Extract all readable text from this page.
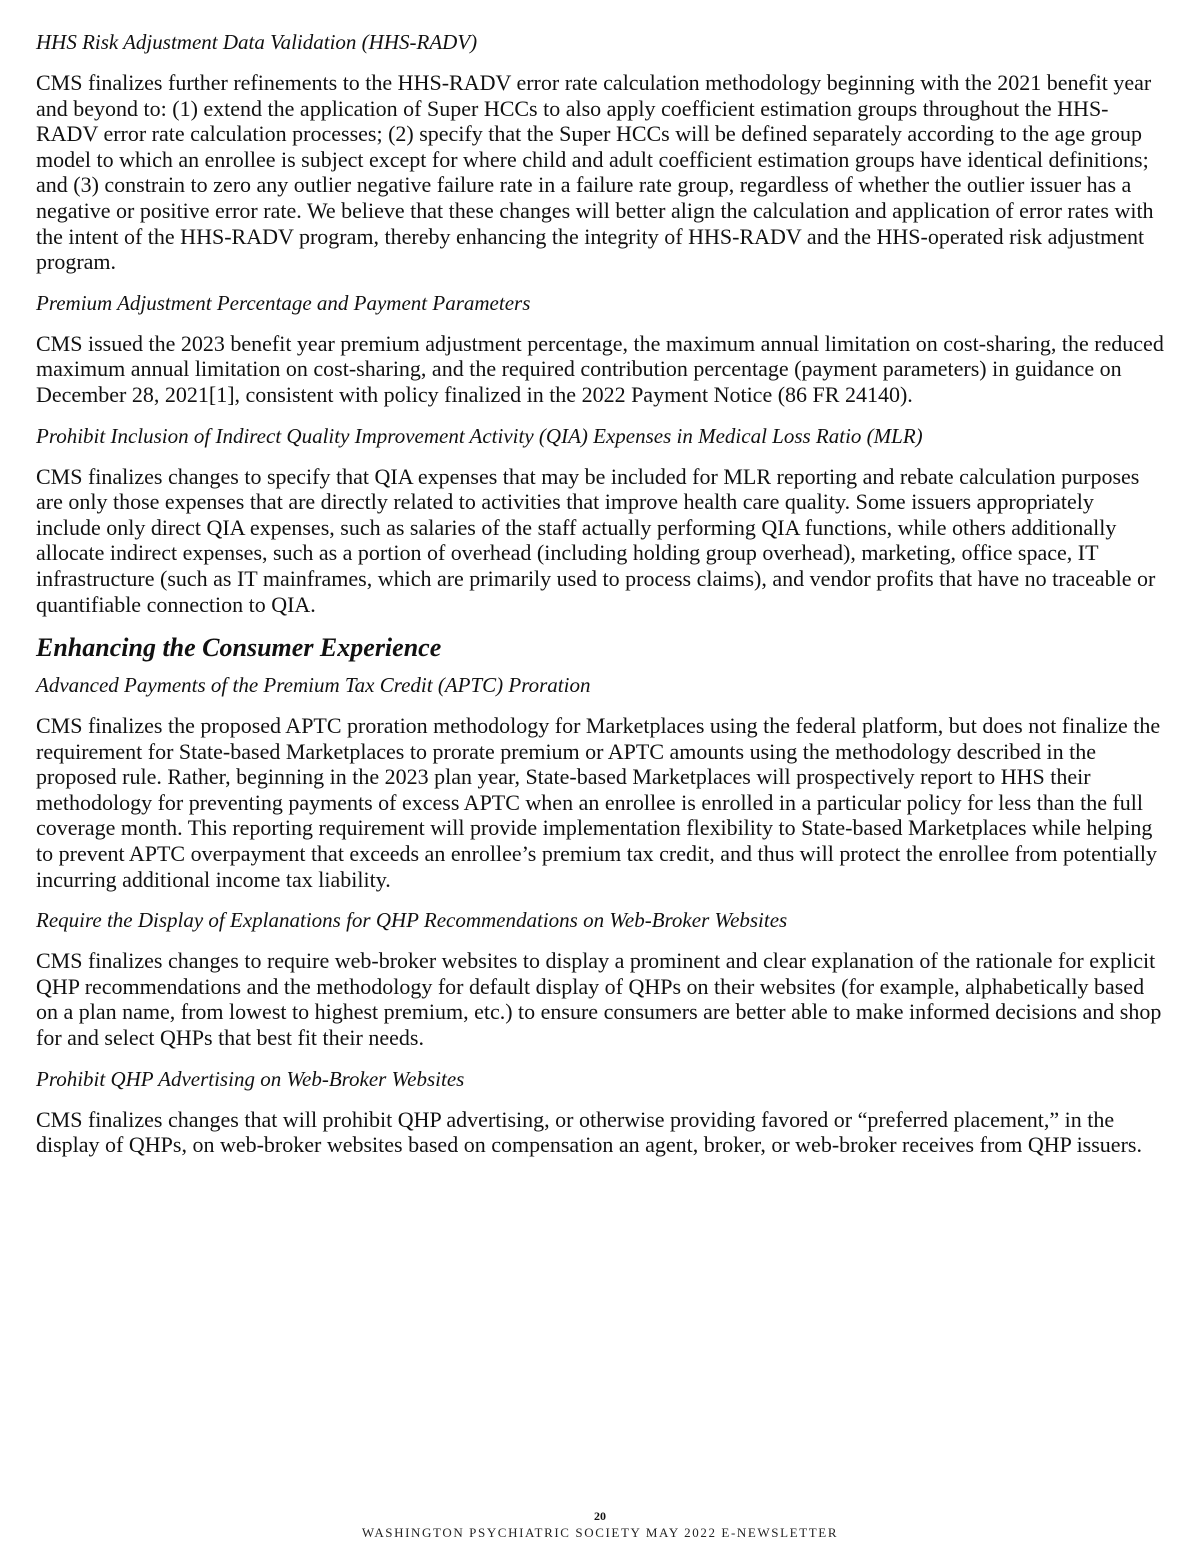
HHS Risk Adjustment Data Validation (HHS-RADV)

CMS finalizes further refinements to the HHS-RADV error rate calculation methodology beginning with the 2021 benefit year and beyond to: (1) extend the application of Super HCCs to also apply coefficient estimation groups throughout the HHS-RADV error rate calculation processes; (2) specify that the Super HCCs will be defined separately according to the age group model to which an enrollee is subject except for where child and adult coefficient estimation groups have identical definitions; and (3) constrain to zero any outlier negative failure rate in a failure rate group, regardless of whether the outlier issuer has a negative or positive error rate. We believe that these changes will better align the calculation and application of error rates with the intent of the HHS-RADV program, thereby enhancing the integrity of HHS-RADV and the HHS-operated risk adjustment program.

Premium Adjustment Percentage and Payment Parameters

CMS issued the 2023 benefit year premium adjustment percentage, the maximum annual limitation on cost-sharing, the reduced maximum annual limitation on cost-sharing, and the required contribution percentage (payment parameters) in guidance on December 28, 2021[1], consistent with policy finalized in the 2022 Payment Notice (86 FR 24140).

Prohibit Inclusion of Indirect Quality Improvement Activity (QIA) Expenses in Medical Loss Ratio (MLR)

CMS finalizes changes to specify that QIA expenses that may be included for MLR reporting and rebate calculation purposes are only those expenses that are directly related to activities that improve health care quality. Some issuers appropriately include only direct QIA expenses, such as salaries of the staff actually performing QIA functions, while others additionally allocate indirect expenses, such as a portion of overhead (including holding group overhead), marketing, office space, IT infrastructure (such as IT mainframes, which are primarily used to process claims), and vendor profits that have no traceable or quantifiable connection to QIA.

Enhancing the Consumer Experience
Advanced Payments of the Premium Tax Credit (APTC) Proration

CMS finalizes the proposed APTC proration methodology for Marketplaces using the federal platform, but does not finalize the requirement for State-based Marketplaces to prorate premium or APTC amounts using the methodology described in the proposed rule. Rather, beginning in the 2023 plan year, State-based Marketplaces will prospectively report to HHS their methodology for preventing payments of excess APTC when an enrollee is enrolled in a particular policy for less than the full coverage month. This reporting requirement will provide implementation flexibility to State-based Marketplaces while helping to prevent APTC overpayment that exceeds an enrollee’s premium tax credit, and thus will protect the enrollee from potentially incurring additional income tax liability.

Require the Display of Explanations for QHP Recommendations on Web-Broker Websites

CMS finalizes changes to require web-broker websites to display a prominent and clear explanation of the rationale for explicit QHP recommendations and the methodology for default display of QHPs on their websites (for example, alphabetically based on a plan name, from lowest to highest premium, etc.) to ensure consumers are better able to make informed decisions and shop for and select QHPs that best fit their needs.

Prohibit QHP Advertising on Web-Broker Websites

CMS finalizes changes that will prohibit QHP advertising, or otherwise providing favored or “preferred placement,” in the display of QHPs, on web-broker websites based on compensation an agent, broker, or web-broker receives from QHP issuers.

20
WASHINGTON PSYCHIATRIC SOCIETY MAY 2022 E-NEWSLETTER
